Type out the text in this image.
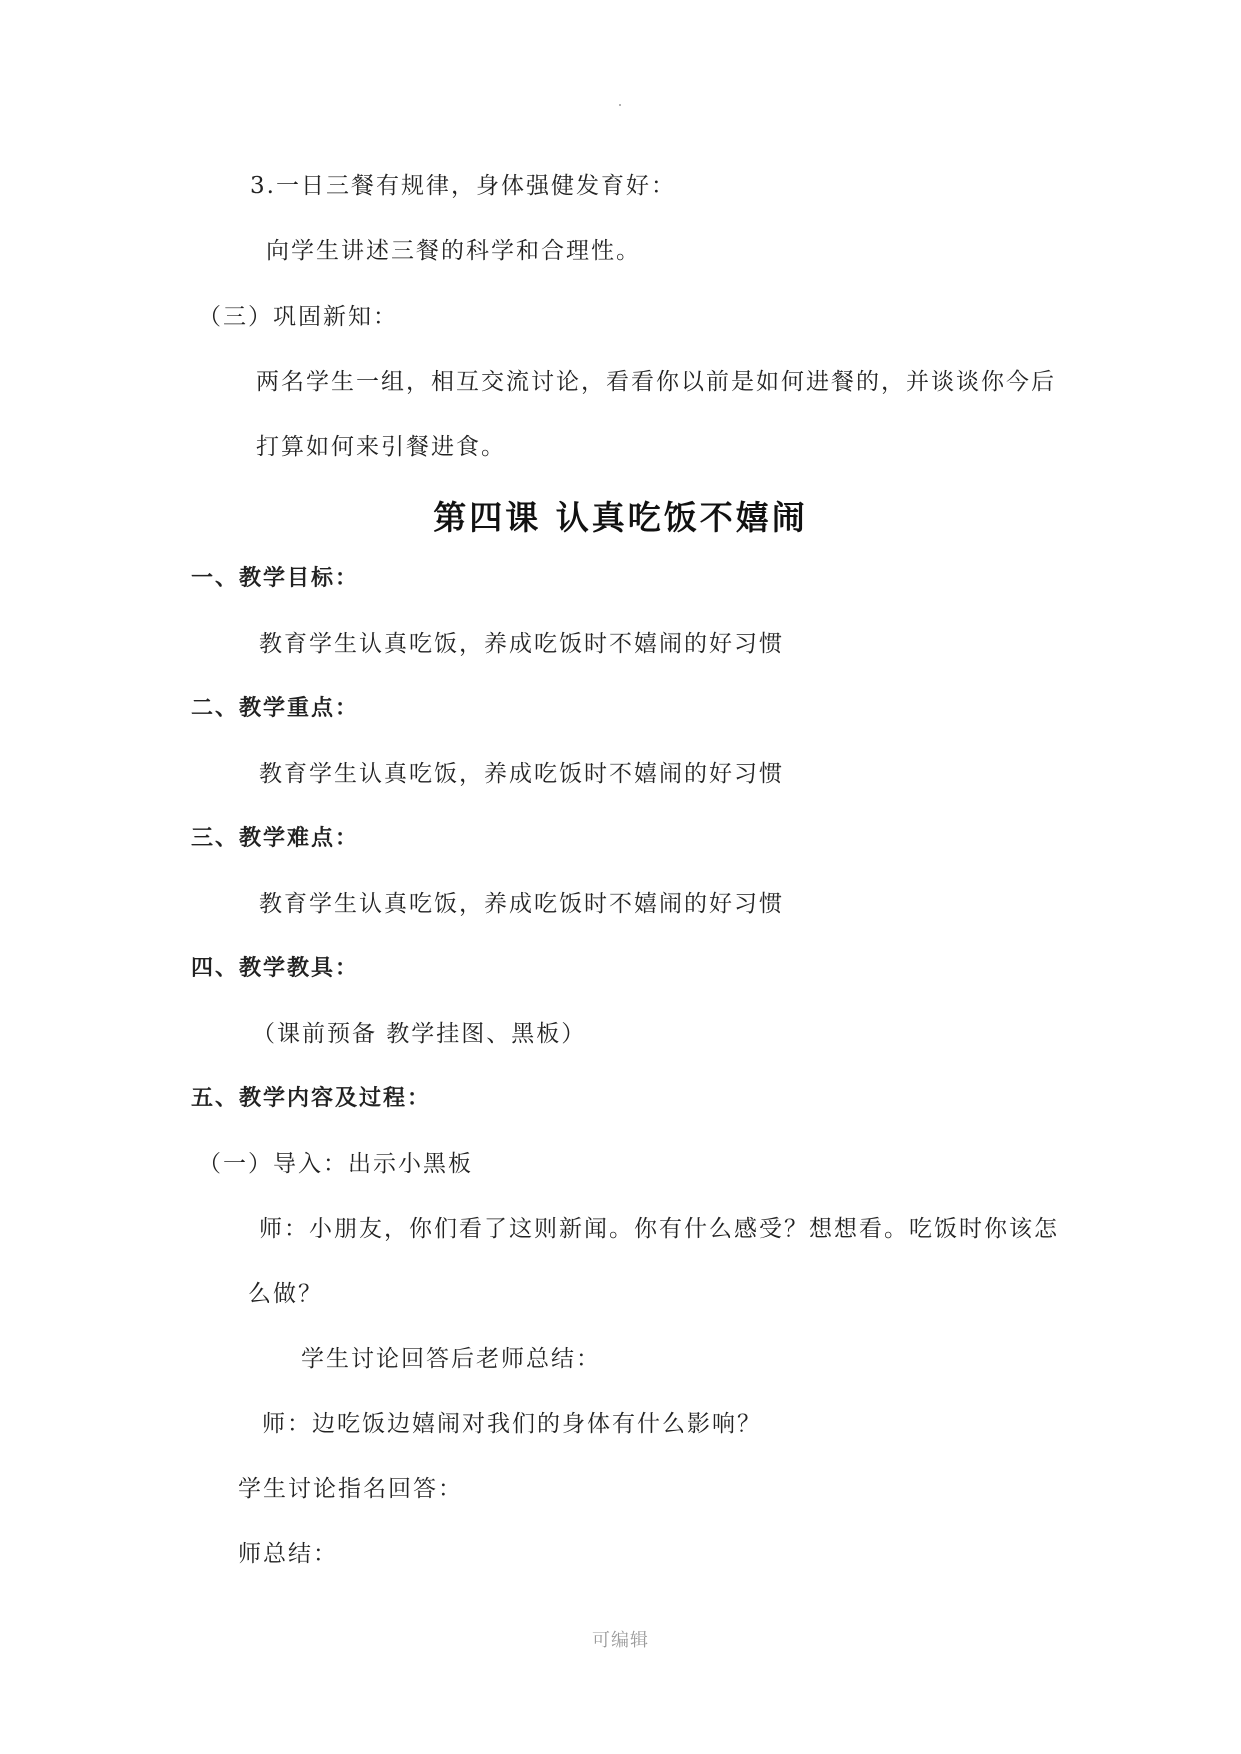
3.一日三餐有规律，身体强健发育好：
向学生讲述三餐的科学和合理性。
（三）巩固新知：
两名学生一组，相互交流讨论，看看你以前是如何进餐的，并谈谈你今后
打算如何来引餐进食。
第四课 认真吃饭不嬉闹
一、教学目标：
教育学生认真吃饭，养成吃饭时不嬉闹的好习惯
二、教学重点：
教育学生认真吃饭，养成吃饭时不嬉闹的好习惯
三、教学难点：
教育学生认真吃饭，养成吃饭时不嬉闹的好习惯
四、教学教具：
（课前预备 教学挂图、黑板）
五、教学内容及过程：
（一）导入：出示小黑板
师：小朋友，你们看了这则新闻。你有什么感受？想想看。吃饭时你该怎
么做？
学生讨论回答后老师总结：
师：边吃饭边嬉闹对我们的身体有什么影响？
学生讨论指名回答：
师总结：
可编辑
